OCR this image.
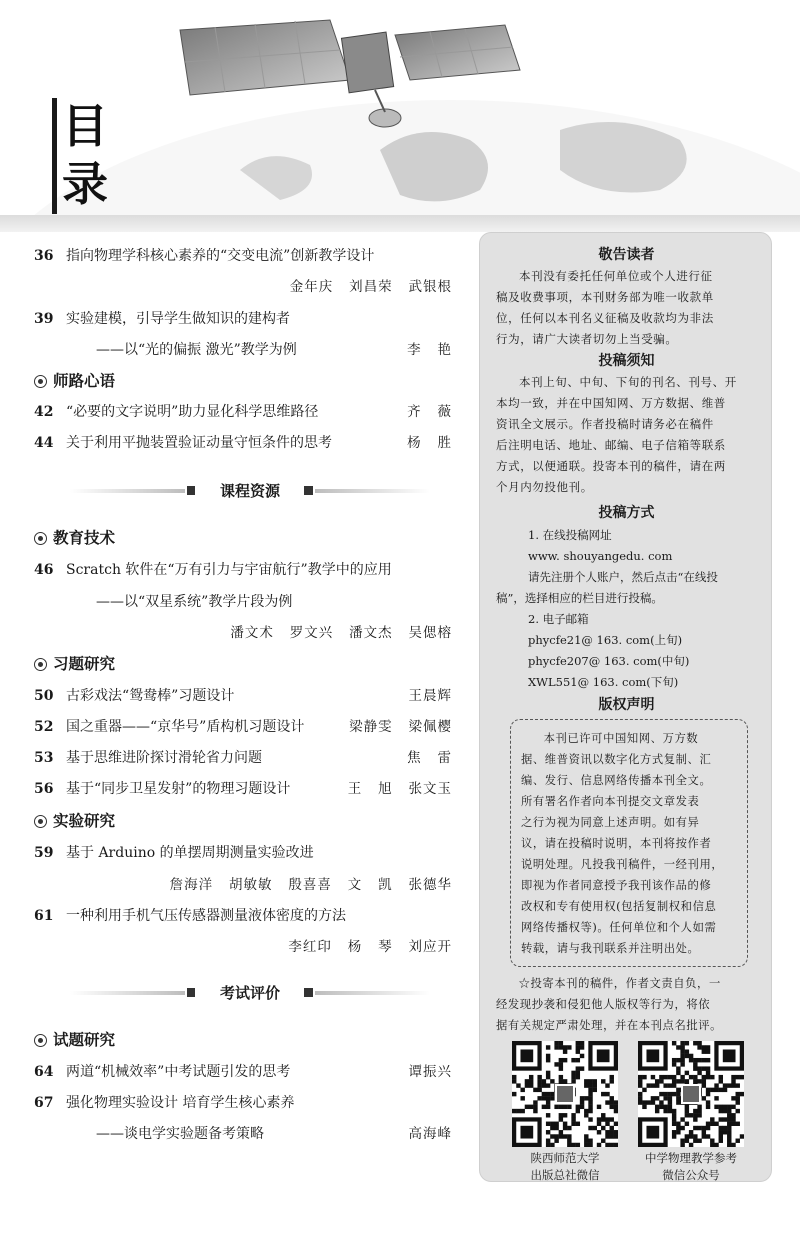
目
录
36 指向物理学科核心素养的“交变电流”创新教学设计
金年庆   刘昌荣   武银根
39 实验建模，引导学生做知识的建构者
——以“光的偏振 激光”教学为例	李   艳
师路心语
42 “必要的文字说明”助力显化科学思维路径	齐   薇
44 关于利用平抛装置验证动量守恒条件的思考	杨   胜
课程资源
教育技术
46 Scratch 软件在“万有引力与宇宙航行”教学中的应用
——以“双星系统”教学片段为例
潘文术   罗文兴   潘文杰   吴偲榕
习题研究
50 古彩戏法“鸳鸯棒”习题设计	王晨辉
52 国之重器——“京华号”盾构机习题设计	梁静雯   梁佩樱
53 基于思维进阶探讨滑轮省力问题	焦   雷
56 基于“同步卫星发射”的物理习题设计	王   旭   张文玉
实验研究
59 基于 Arduino 的单摆周期测量实验改进
詹海洋   胡敏敏   殷喜喜   文   凯   张德华
61 一种利用手机气压传感器测量液体密度的方法
李红印   杨   琴   刘应开
考试评价
试题研究
64 两道“机械效率”中考试题引发的思考	谭振兴
67 强化物理实验设计 培育学生核心素养
——谈电学实验题备考策略	高海峰
敬告读者
本刊没有委托任何单位或个人进行征
稿及收费事项，本刊财务部为唯一收款单
位，任何以本刊名义征稿及收款均为非法
行为，请广大读者切勿上当受骗。
投稿须知
本刊上旬、中旬、下旬的刊名、刊号、开
本均一致，并在中国知网、万方数据、维普
资讯全文展示。作者投稿时请务必在稿件
后注明电话、地址、邮编、电子信箱等联系
方式，以便通联。投寄本刊的稿件，请在两
个月内勿投他刊。
投稿方式
1. 在线投稿网址
www. shouyangedu. com
请先注册个人账户，然后点击“在线投
稿”，选择相应的栏目进行投稿。
2. 电子邮箱
phycfe21@ 163. com(上旬)
phycfe207@ 163. com(中旬)
XWL551@ 163. com(下旬)
版权声明
本刊已许可中国知网、万方数
据、维普资讯以数字化方式复制、汇
编、发行、信息网络传播本刊全文。
所有署名作者向本刊提交文章发表
之行为视为同意上述声明。如有异
议，请在投稿时说明，本刊将按作者
说明处理。凡投我刊稿件，一经刊用，
即视为作者同意授予我刊该作品的修
改权和专有使用权(包括复制权和信息
网络传播权等)。任何单位和个人如需
转载，请与我刊联系并注明出处。
☆投寄本刊的稿件，作者文责自负，一
经发现抄袭和侵犯他人版权等行为，将依
据有关规定严肃处理，并在本刊点名批评。
陕西师范大学
出版总社微信
中学物理教学参考
微信公众号
